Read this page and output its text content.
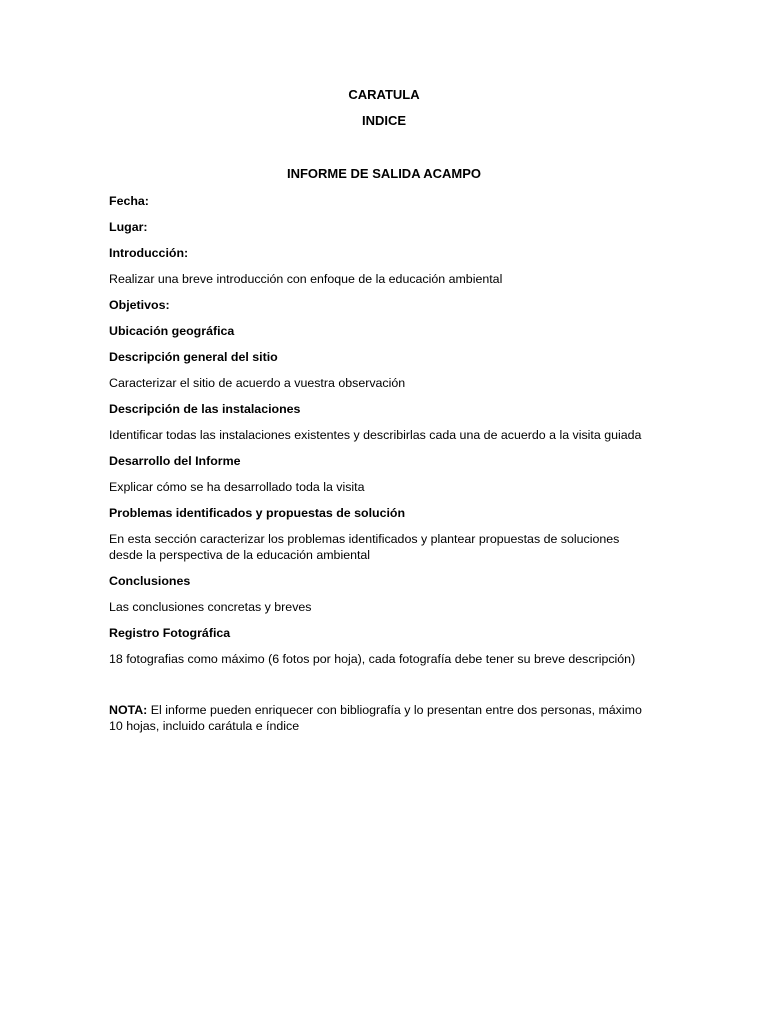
CARATULA
INDICE
INFORME DE SALIDA ACAMPO

Fecha:

Lugar:

Introducción:

Realizar una breve introducción con enfoque de la educación ambiental

Objetivos:

Ubicación geográfica

Descripción general del sitio

Caracterizar el sitio de acuerdo a vuestra observación

Descripción de las instalaciones

Identificar todas las instalaciones existentes y describirlas cada una de acuerdo a la visita guiada

Desarrollo del Informe

Explicar cómo se ha desarrollado toda la visita

Problemas identificados y propuestas de solución

En esta sección caracterizar los problemas identificados y plantear propuestas de soluciones desde la perspectiva de la educación ambiental

Conclusiones

Las conclusiones concretas y breves

Registro Fotográfica

18 fotografias como máximo (6 fotos por hoja), cada fotografía debe tener su breve descripción)

NOTA: El informe pueden enriquecer con bibliografía y lo presentan entre dos personas, máximo 10 hojas, incluido carátula e índice
